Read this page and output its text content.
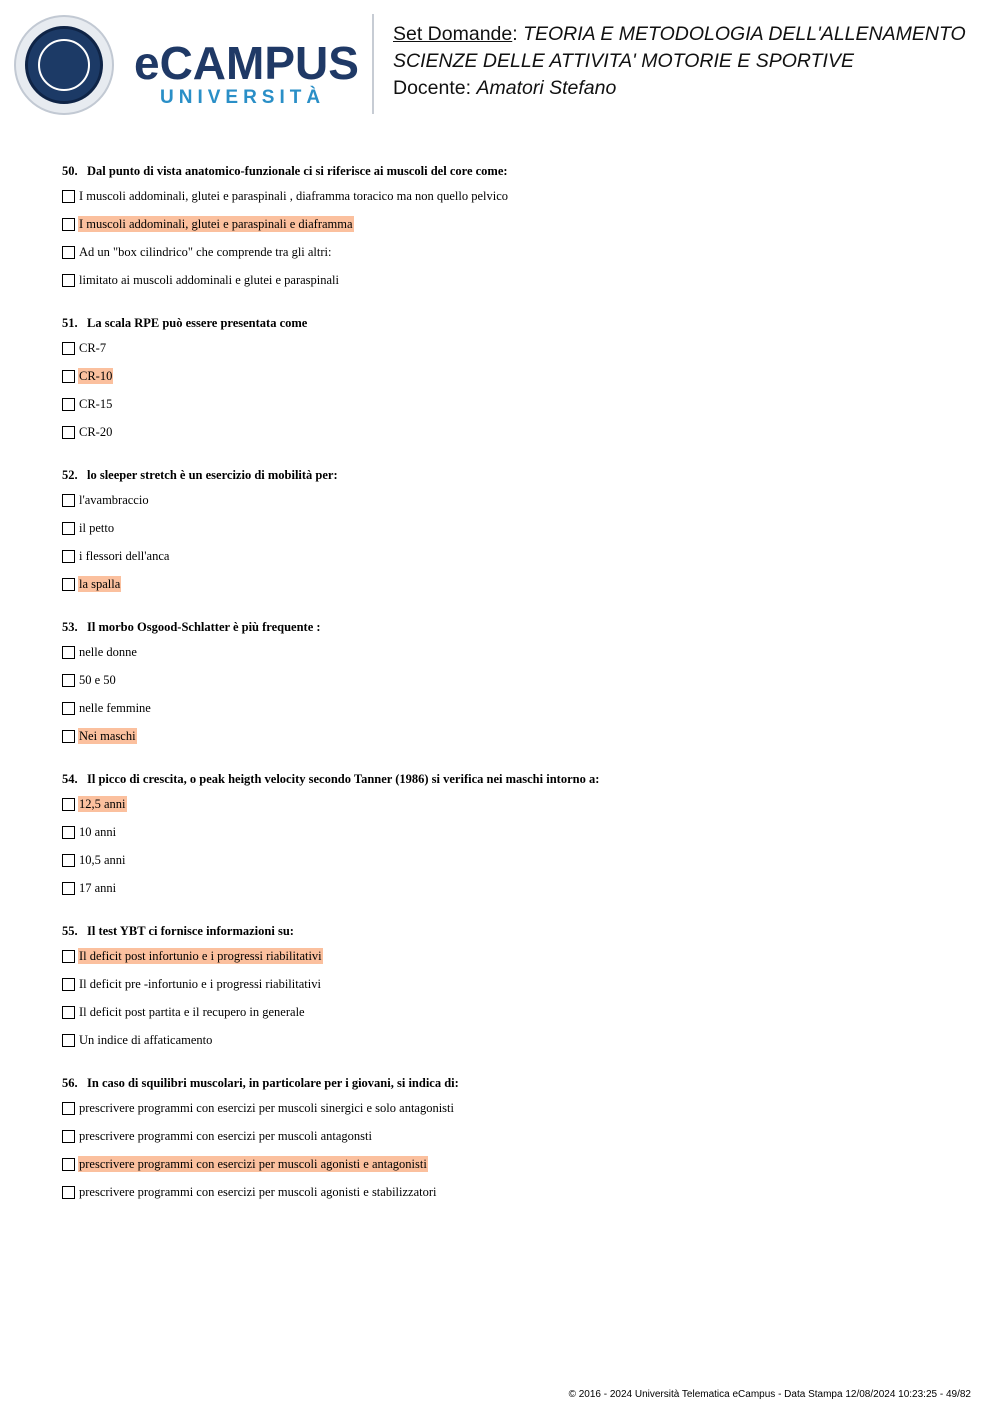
eCAMPUS
UNIVERSITÀ
Set Domande: TEORIA E METODOLOGIA DELL'ALLENAMENTO
SCIENZE DELLE ATTIVITA' MOTORIE E SPORTIVE
Docente: Amatori Stefano
50. Dal punto di vista anatomico-funzionale ci si riferisce ai muscoli del core come:
I muscoli addominali, glutei e paraspinali , diaframma toracico ma non quello pelvico
I muscoli addominali, glutei e paraspinali e diaframma
Ad un "box cilindrico" che comprende tra gli altri:
limitato ai muscoli addominali e glutei e paraspinali
51. La scala RPE può essere presentata come
CR-7
CR-10
CR-15
CR-20
52. lo sleeper stretch è un esercizio di mobilità per:
l'avambraccio
il petto
i flessori dell'anca
la spalla
53. Il morbo Osgood-Schlatter è più frequente :
nelle donne
50 e 50
nelle femmine
Nei maschi
54. Il picco di crescita, o peak heigth velocity secondo Tanner (1986) si verifica nei maschi intorno a:
12,5 anni
10 anni
10,5 anni
17 anni
55. Il test YBT ci fornisce informazioni su:
Il deficit post infortunio e i progressi riabilitativi
Il deficit pre -infortunio e i progressi riabilitativi
Il deficit post partita e il recupero in generale
Un indice di affaticamento
56. In caso di squilibri muscolari, in particolare per i giovani, si indica di:
prescrivere programmi con esercizi per muscoli sinergici e solo antagonisti
prescrivere programmi con esercizi per muscoli antagonsti
prescrivere programmi con esercizi per muscoli agonisti e antagonisti
prescrivere programmi con esercizi per muscoli agonisti e stabilizzatori
© 2016 - 2024 Università Telematica eCampus - Data Stampa 12/08/2024 10:23:25 - 49/82
